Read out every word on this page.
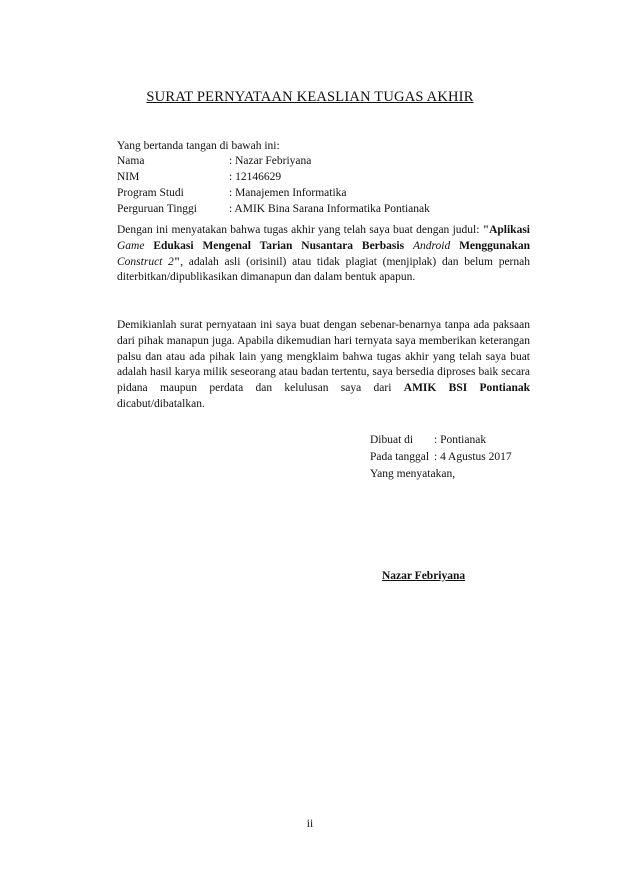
SURAT PERNYATAAN KEASLIAN TUGAS AKHIR
Yang bertanda tangan di bawah ini:
Nama	: Nazar Febriyana
NIM	: 12146629
Program Studi	: Manajemen Informatika
Perguruan Tinggi	: AMIK Bina Sarana Informatika Pontianak

Dengan ini menyatakan bahwa tugas akhir yang telah saya buat dengan judul: "Aplikasi Game Edukasi Mengenal Tarian Nusantara Berbasis Android Menggunakan Construct 2", adalah asli (orisinil) atau tidak plagiat (menjiplak) dan belum pernah diterbitkan/dipublikasikan dimanapun dan dalam bentuk apapun.

Demikianlah surat pernyataan ini saya buat dengan sebenar-benarnya tanpa ada paksaan dari pihak manapun juga. Apabila dikemudian hari ternyata saya memberikan keterangan palsu dan atau ada pihak lain yang mengklaim bahwa tugas akhir yang telah saya buat adalah hasil karya milik seseorang atau badan tertentu, saya bersedia diproses baik secara pidana maupun perdata dan kelulusan saya dari AMIK BSI Pontianak dicabut/dibatalkan.

Dibuat di : Pontianak
Pada tanggal : 4 Agustus 2017
Yang menyatakan,
Nazar Febriyana
ii
